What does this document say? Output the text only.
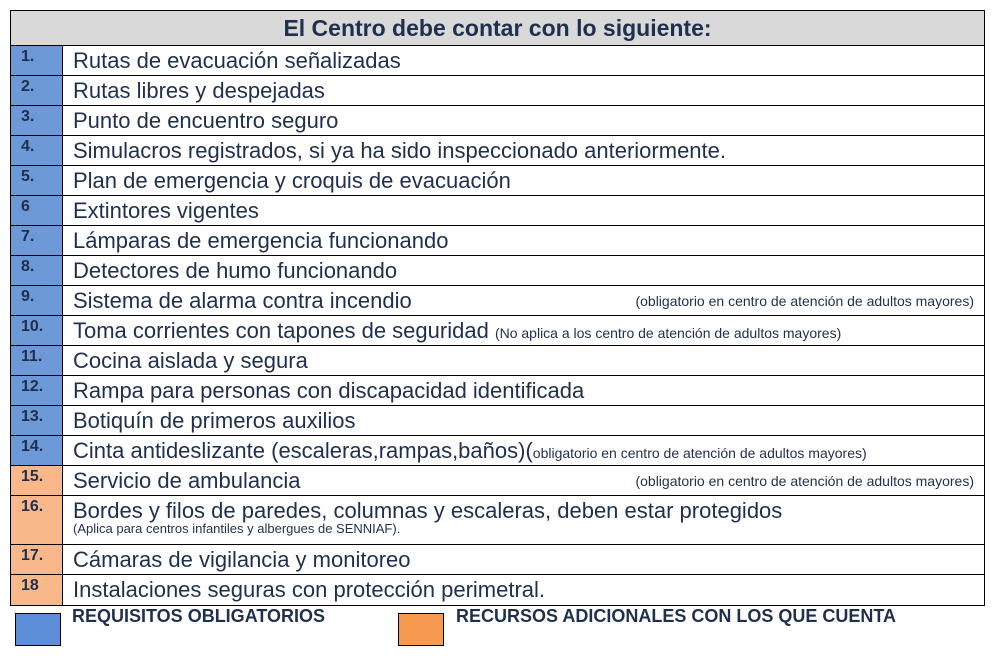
El Centro debe contar con lo siguiente:
1.	Rutas de evacuación señalizadas
2.	Rutas libres y despejadas
3.	Punto de encuentro seguro
4.	Simulacros registrados, si ya ha sido inspeccionado anteriormente.
5.	Plan de emergencia y croquis de evacuación
6	Extintores vigentes
7.	Lámparas de emergencia funcionando
8.	Detectores de humo funcionando
9.	Sistema de alarma contra incendio	(obligatorio en centro de atención de adultos mayores)
10.	Toma corrientes con tapones de seguridad (No aplica a los centro de atención de adultos mayores)
11.	Cocina aislada y segura
12.	Rampa para personas con discapacidad identificada
13.	Botiquín de primeros auxilios
14.	Cinta antideslizante (escaleras,rampas,baños)(obligatorio en centro de atención de adultos mayores)
15.	Servicio de ambulancia	(obligatorio en centro de atención de adultos mayores)
16.	Bordes y filos de paredes, columnas y escaleras, deben estar protegidos
(Aplica para centros infantiles y albergues de SENNIAF).
17.	Cámaras de vigilancia y monitoreo
18	Instalaciones seguras con protección perimetral.
REQUISITOS OBLIGATORIOS	RECURSOS ADICIONALES CON LOS QUE CUENTA
